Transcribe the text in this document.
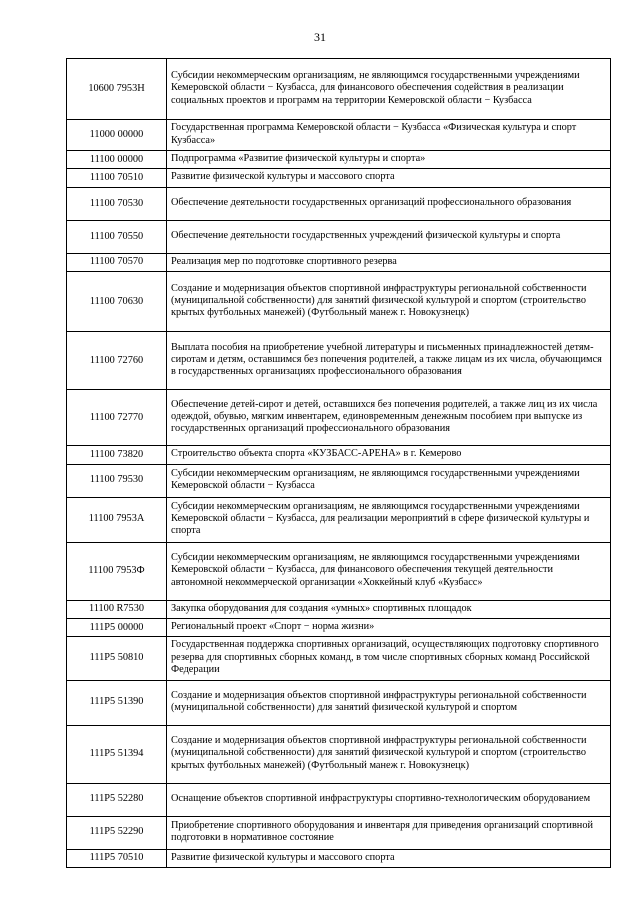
31
10600 7953Н	Субсидии некоммерческим организациям, не являющимся государственными учреждениями Кемеровской области − Кузбасса, для финансового обеспечения содействия в реализации социальных проектов и программ на территории Кемеровской области − Кузбасса
11000 00000	Государственная программа Кемеровской области − Кузбасса «Физическая культура и спорт Кузбасса»
11100 00000	Подпрограмма «Развитие физической культуры и спорта»
11100 70510	Развитие физической культуры и массового спорта
11100 70530	Обеспечение деятельности государственных организаций профессионального образования
11100 70550	Обеспечение деятельности государственных учреждений физической культуры и спорта
11100 70570	Реализация мер по подготовке спортивного резерва
11100 70630	Создание и модернизация объектов спортивной инфраструктуры региональной собственности (муниципальной собственности) для занятий физической культурой и спортом (строительство крытых футбольных манежей) (Футбольный манеж г. Новокузнецк)
11100 72760	Выплата пособия на приобретение учебной литературы и письменных принадлежностей детям-сиротам и детям, оставшимся без попечения родителей, а также лицам из их числа, обучающимся в государственных организациях профессионального образования
11100 72770	Обеспечение детей-сирот и детей, оставшихся без попечения родителей, а также лиц из их числа одеждой, обувью, мягким инвентарем, единовременным денежным пособием при выпуске из государственных организаций профессионального образования
11100 73820	Строительство объекта спорта «КУЗБАСС-АРЕНА» в г. Кемерово
11100 79530	Субсидии некоммерческим организациям, не являющимся государственными учреждениями Кемеровской области − Кузбасса
11100 7953А	Субсидии некоммерческим организациям, не являющимся государственными учреждениями Кемеровской области − Кузбасса, для реализации мероприятий в сфере физической культуры и спорта
11100 7953Ф	Субсидии некоммерческим организациям, не являющимся государственными учреждениями Кемеровской области − Кузбасса, для финансового обеспечения текущей деятельности автономной некоммерческой организации «Хоккейный клуб «Кузбасс»
11100 R7530	Закупка оборудования для создания «умных» спортивных площадок
111Р5 00000	Региональный проект «Спорт − норма жизни»
111Р5 50810	Государственная поддержка спортивных организаций, осуществляющих подготовку спортивного резерва для спортивных сборных команд, в том числе спортивных сборных команд Российской Федерации
111Р5 51390	Создание и модернизация объектов спортивной инфраструктуры региональной собственности (муниципальной собственности) для занятий физической культурой и спортом
111Р5 51394	Создание и модернизация объектов спортивной инфраструктуры региональной собственности (муниципальной собственности) для занятий физической культурой и спортом (строительство крытых футбольных манежей) (Футбольный манеж г. Новокузнецк)
111Р5 52280	Оснащение объектов спортивной инфраструктуры спортивно-технологическим оборудованием
111Р5 52290	Приобретение спортивного оборудования и инвентаря для приведения организаций спортивной подготовки в нормативное состояние
111Р5 70510	Развитие физической культуры и массового спорта
